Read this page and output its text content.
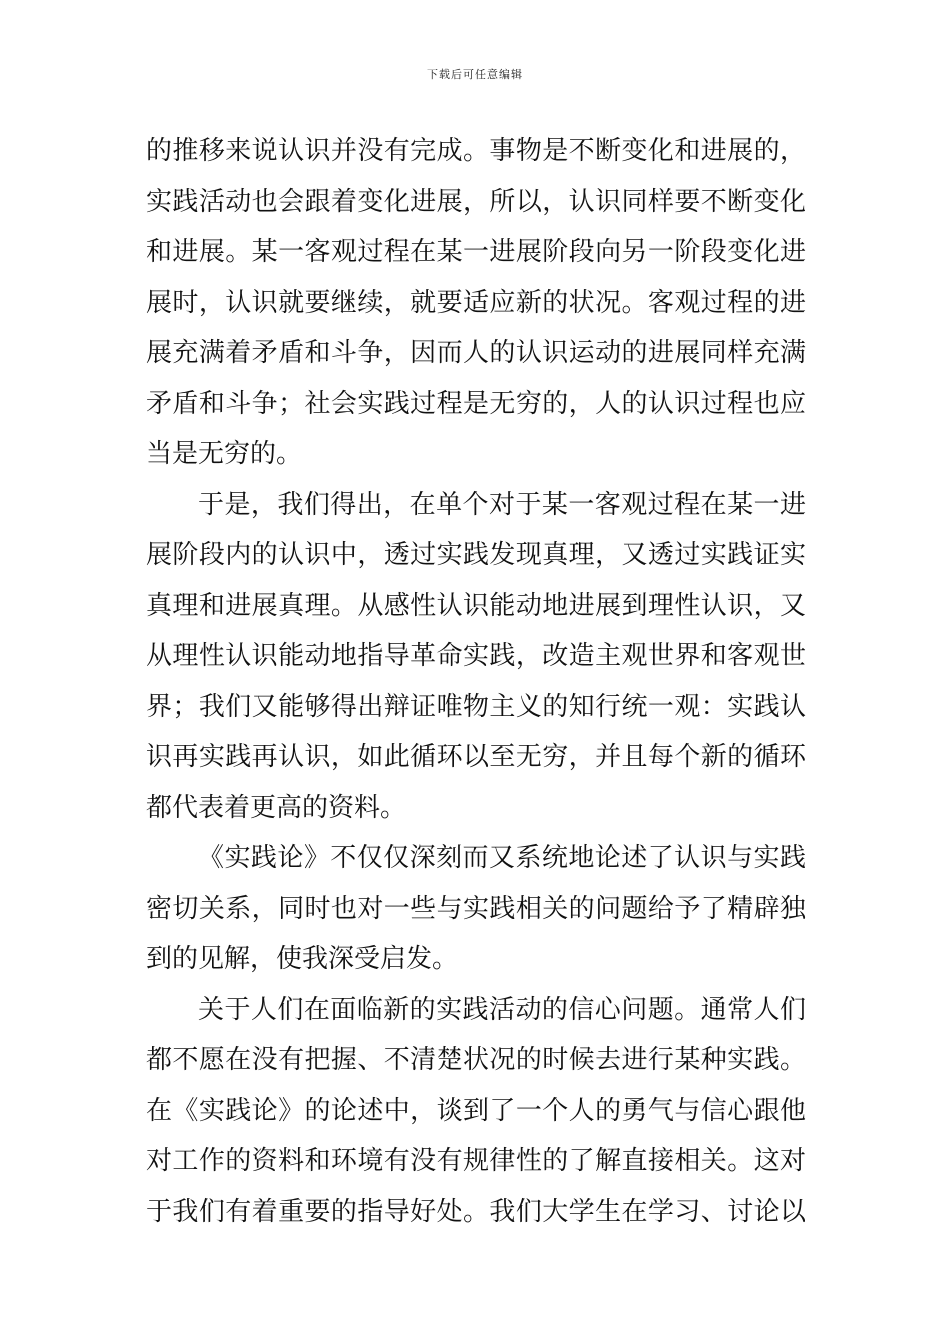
下载后可任意编辑
的推移来说认识并没有完成。事物是不断变化和进展的，
实践活动也会跟着变化进展，所以，认识同样要不断变化
和进展。某一客观过程在某一进展阶段向另一阶段变化进
展时，认识就要继续，就要适应新的状况。客观过程的进
展充满着矛盾和斗争，因而人的认识运动的进展同样充满
矛盾和斗争；社会实践过程是无穷的，人的认识过程也应
当是无穷的。
于是，我们得出，在单个对于某一客观过程在某一进
展阶段内的认识中，透过实践发现真理，又透过实践证实
真理和进展真理。从感性认识能动地进展到理性认识，又
从理性认识能动地指导革命实践，改造主观世界和客观世
界；我们又能够得出辩证唯物主义的知行统一观：实践认
识再实践再认识，如此循环以至无穷，并且每个新的循环
都代表着更高的资料。
《实践论》不仅仅深刻而又系统地论述了认识与实践
密切关系，同时也对一些与实践相关的问题给予了精辟独
到的见解，使我深受启发。
关于人们在面临新的实践活动的信心问题。通常人们
都不愿在没有把握、不清楚状况的时候去进行某种实践。
在《实践论》的论述中，谈到了一个人的勇气与信心跟他
对工作的资料和环境有没有规律性的了解直接相关。这对
于我们有着重要的指导好处。我们大学生在学习、讨论以
